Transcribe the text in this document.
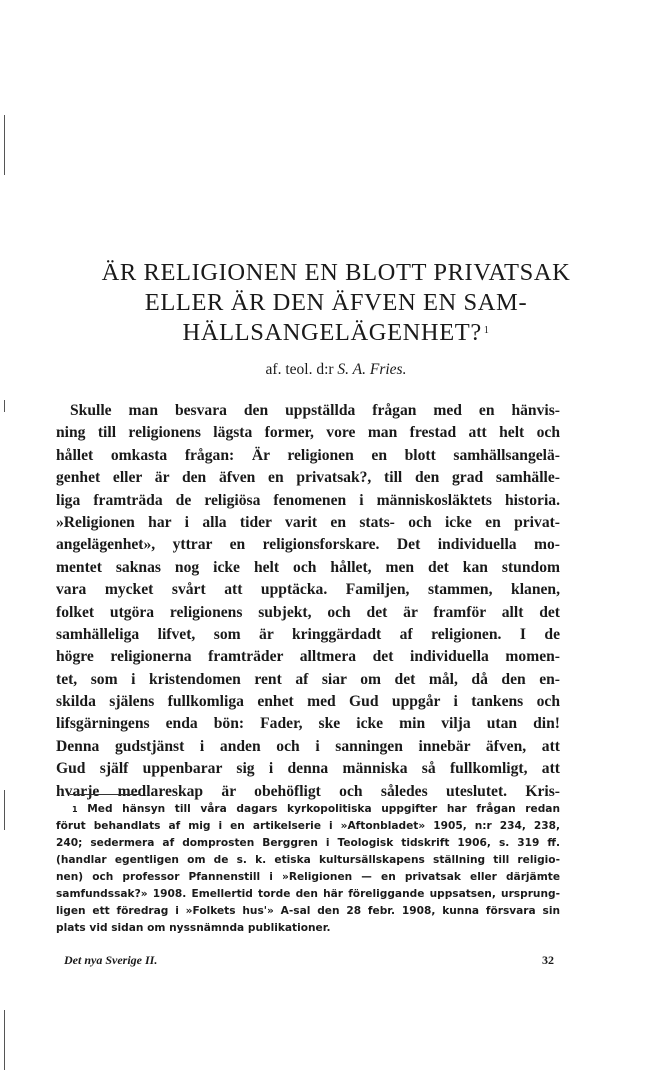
ÄR RELIGIONEN EN BLOTT PRIVATSAK
ELLER ÄR DEN ÄFVEN EN SAM-
HÄLLSANGELÄGENHET? $^1$
af. teol. d:r S. A. Fries.
Skulle man besvara den uppställda frågan med en hänvis-
ning till religionens lägsta former, vore man frestad att helt och
hållet omkasta frågan: Är religionen en blott samhällsangelä-
genhet eller är den äfven en privatsak?, till den grad samhälle-
liga framträda de religiösa fenomenen i människosläktets historia.
»Religionen har i alla tider varit en stats- och icke en privat-
angelägenhet», yttrar en religionsforskare. Det individuella mo-
mentet saknas nog icke helt och hållet, men det kan stundom
vara mycket svårt att upptäcka. Familjen, stammen, klanen,
folket utgöra religionens subjekt, och det är framför allt det
samhälleliga lifvet, som är kringgärdadt af religionen. I de
högre religionerna framträder alltmera det individuella momen-
tet, som i kristendomen rent af siar om det mål, då den en-
skilda själens fullkomliga enhet med Gud uppgår i tankens och
lifsgärningens enda bön: Fader, ske icke min vilja utan din!
Denna gudstjänst i anden och i sanningen innebär äfven, att
Gud själf uppenbarar sig i denna människa så fullkomligt, att
hvarje medlareskap är obehöfligt och således uteslutet. Kris-
$^1$ Med hänsyn till våra dagars kyrkopolitiska uppgifter har frågan redan
förut behandlats af mig i en artikelserie i »Aftonbladet» 1905, n:r 234, 238,
240; sedermera af domprosten Berggren i Teologisk tidskrift 1906, s. 319 ff.
(handlar egentligen om de s. k. etiska kultursällskapens ställning till religio-
nen) och professor Pfannenstill i »Religionen — en privatsak eller därjämte
samfundssak?» 1908. Emellertid torde den här föreliggande uppsatsen, ursprung-
ligen ett föredrag i »Folkets hus'» A-sal den 28 febr. 1908, kunna försvara sin
plats vid sidan om nyssnämnda publikationer.
Det nya Sverige II.	32
